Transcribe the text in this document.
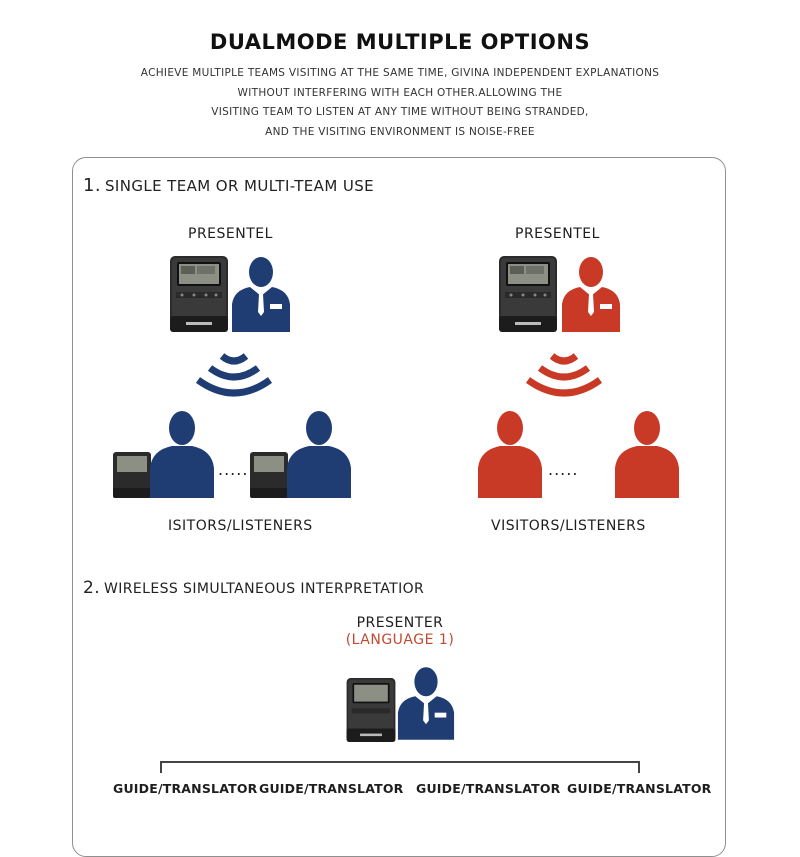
DUALMODE MULTIPLE OPTIONS
ACHIEVE MULTIPLE TEAMS VISITING AT THE SAME TIME, GIVINA INDEPENDENT EXPLANATIONS
WITHOUT INTERFERING WITH EACH OTHER.ALLOWING THE
VISITING TEAM TO LISTEN AT ANY TIME WITHOUT BEING STRANDED,
AND THE VISITING ENVIRONMENT IS NOISE-FREE
1. SINGLE TEAM OR MULTI-TEAM USE
PRESENTEL	PRESENTEL
.....	.....
ISITORS/LISTENERS	VISITORS/LISTENERS
2. WIRELESS SIMULTANEOUS INTERPRETATIOR
PRESENTER
(LANGUAGE 1)
GUIDE/TRANSLATOR GUIDE/TRANSLATOR GUIDE/TRANSLATOR GUIDE/TRANSLATOR
